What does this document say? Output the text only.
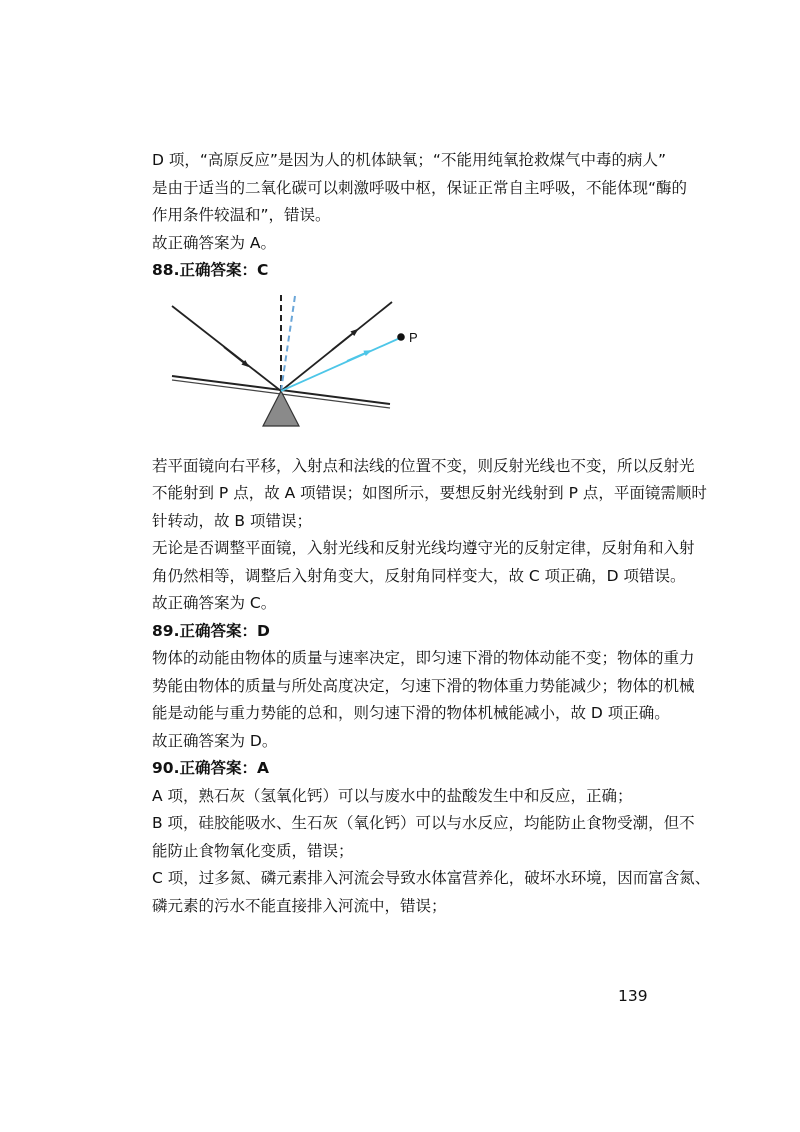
D 项，“高原反应”是因为人的机体缺氧；“不能用纯氧抢救煤气中毒的病人”

是由于适当的二氧化碳可以刺激呼吸中枢，保证正常自主呼吸，不能体现“酶的

作用条件较温和”，错误。

故正确答案为 A。

88.正确答案：C

P

若平面镜向右平移，入射点和法线的位置不变，则反射光线也不变，所以反射光

不能射到 P 点，故 A 项错误；如图所示，要想反射光线射到 P 点，平面镜需顺时

针转动，故 B 项错误；

无论是否调整平面镜，入射光线和反射光线均遵守光的反射定律，反射角和入射

角仍然相等，调整后入射角变大，反射角同样变大，故 C 项正确，D 项错误。

故正确答案为 C。

89.正确答案：D

物体的动能由物体的质量与速率决定，即匀速下滑的物体动能不变；物体的重力

势能由物体的质量与所处高度决定，匀速下滑的物体重力势能减少；物体的机械

能是动能与重力势能的总和，则匀速下滑的物体机械能减小，故 D 项正确。

故正确答案为 D。

90.正确答案：A

A 项，熟石灰（氢氧化钙）可以与废水中的盐酸发生中和反应，正确；

B 项，硅胶能吸水、生石灰（氧化钙）可以与水反应，均能防止食物受潮，但不

能防止食物氧化变质，错误；

C 项，过多氮、磷元素排入河流会导致水体富营养化，破坏水环境，因而富含氮、

磷元素的污水不能直接排入河流中，错误；

139
